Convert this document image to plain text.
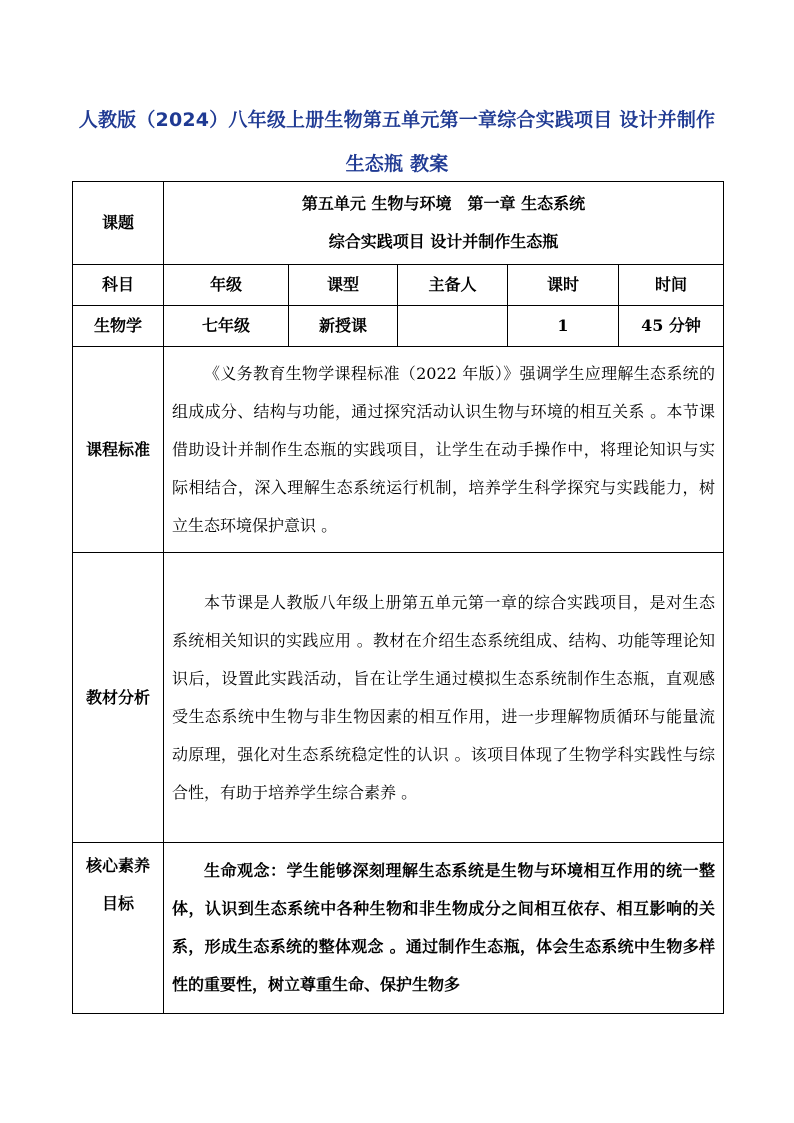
人教版（2024）八年级上册生物第五单元第一章综合实践项目 设计并制作生态瓶 教案
课题	第五单元 生物与环境　第一章 生态系统
综合实践项目 设计并制作生态瓶				

科目	年级	课型	主备人	课时	时间
生物学	七年级	新授课		1	45 分钟
课程标准	《义务教育生物学课程标准（2022 年版）》强调学生应理解生态系统的组成成分、结构与功能，通过探究活动认识生物与环境的相互关系 。本节课借助设计并制作生态瓶的实践项目，让学生在动手操作中，将理论知识与实际相结合，深入理解生态系统运行机制，培养学生科学探究与实践能力，树立生态环境保护意识 。				
教材分析	本节课是人教版八年级上册第五单元第一章的综合实践项目，是对生态系统相关知识的实践应用 。教材在介绍生态系统组成、结构、功能等理论知识后，设置此实践活动，旨在让学生通过模拟生态系统制作生态瓶，直观感受生态系统中生物与非生物因素的相互作用，进一步理解物质循环与能量流动原理，强化对生态系统稳定性的认识 。该项目体现了生物学科实践性与综合性，有助于培养学生综合素养 。				

核心素养
目标	生命观念：学生能够深刻理解生态系统是生物与环境相互作用的统一整体，认识到生态系统中各种生物和非生物成分之间相互依存、相互影响的关系，形成生态系统的整体观念 。通过制作生态瓶，体会生态系统中生物多样性的重要性，树立尊重生命、保护生物多				
